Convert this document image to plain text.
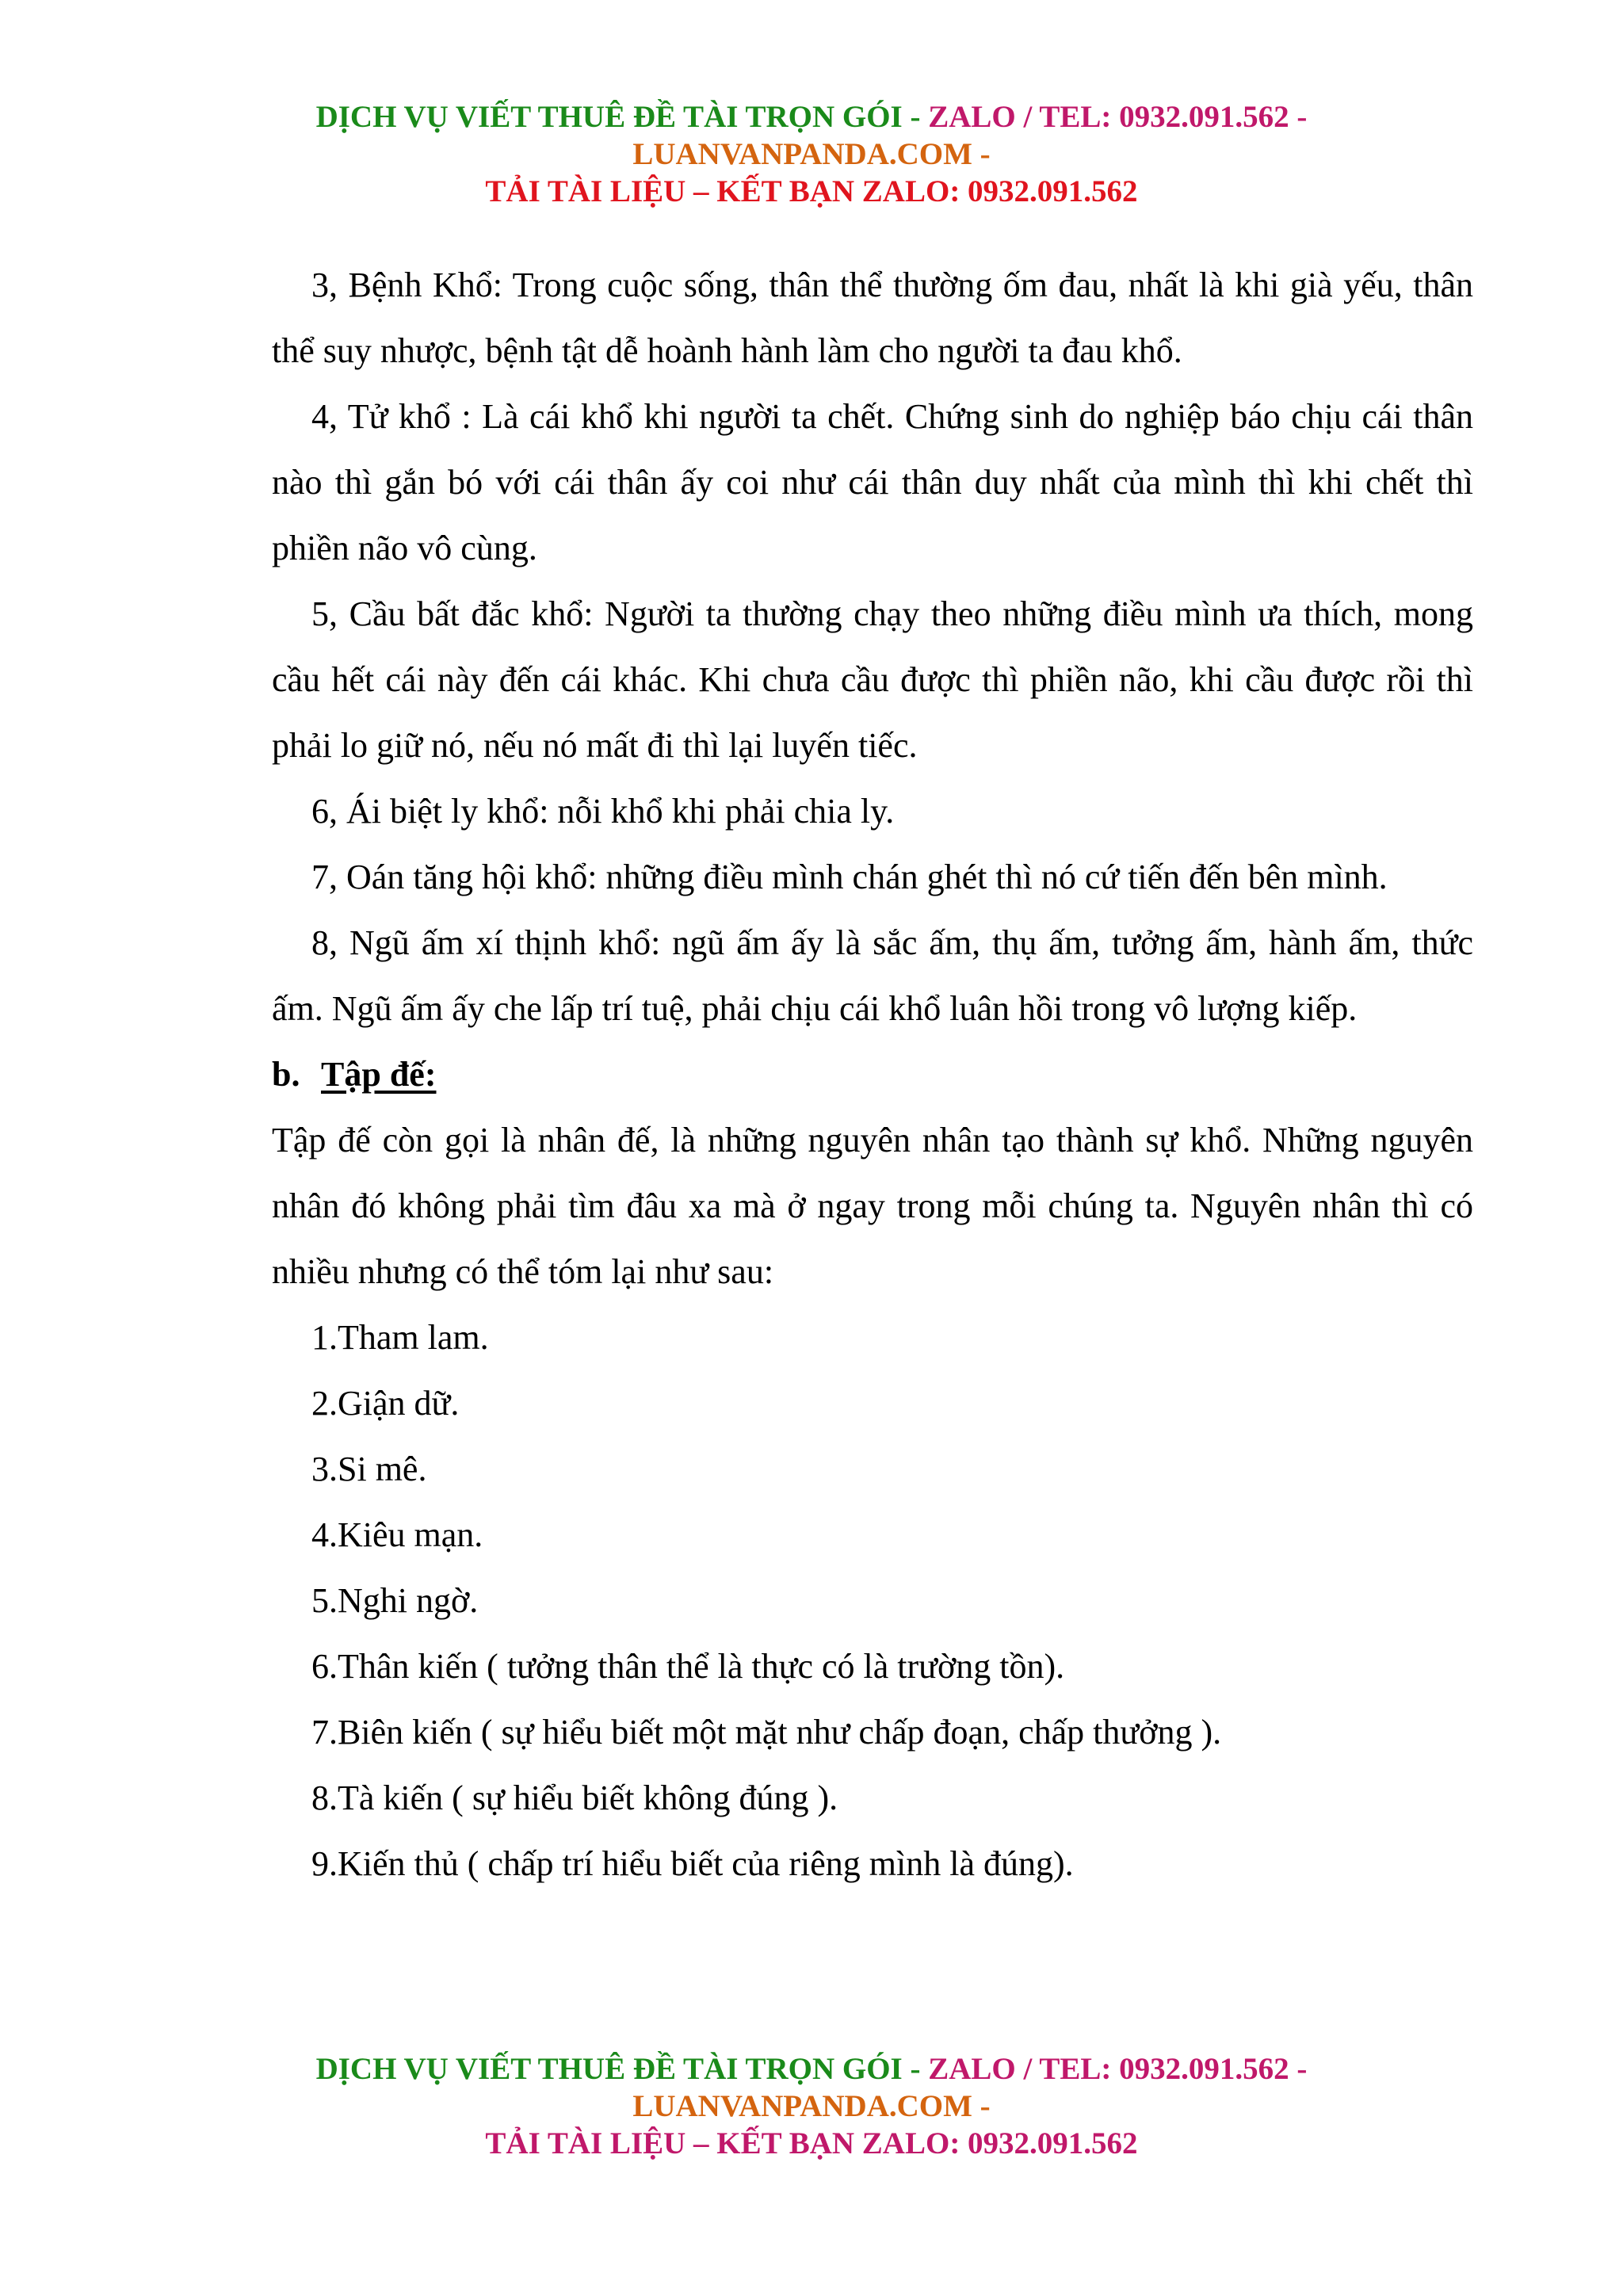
DỊCH VỤ VIẾT THUÊ ĐỀ TÀI TRỌN GÓI - ZALO / TEL: 0932.091.562 -
LUANVANPANDA.COM -
TẢI TÀI LIỆU – KẾT BẠN ZALO: 0932.091.562

3, Bệnh Khổ: Trong cuộc sống, thân thể thường ốm đau, nhất là khi già yếu, thân thể suy nhược, bệnh tật dễ hoành hành làm cho người ta đau khổ.

4, Tử khổ : Là cái khổ khi người ta chết. Chứng sinh do nghiệp báo chịu cái thân nào thì gắn bó với cái thân ấy coi như cái thân duy nhất của mình thì khi chết thì phiền não vô cùng.

5, Cầu bất đắc khổ: Người ta thường chạy theo những điều mình ưa thích, mong cầu hết cái này đến cái khác. Khi chưa cầu được thì phiền não, khi cầu được rồi thì phải lo giữ nó, nếu nó mất đi thì lại luyến tiếc.

6, Ái biệt ly khổ: nỗi khổ khi phải chia ly.

7, Oán tăng hội khổ: những điều mình chán ghét thì nó cứ tiến đến bên mình.

8, Ngũ ấm xí thịnh khổ: ngũ ấm ấy là sắc ấm, thụ ấm, tưởng ấm, hành ấm, thức ấm. Ngũ ấm ấy che lấp trí tuệ, phải chịu cái khổ luân hồi trong vô lượng kiếp.

b. Tập đế:

Tập đế còn gọi là nhân đế, là những nguyên nhân tạo thành sự khổ. Những nguyên nhân đó không phải tìm đâu xa mà ở ngay trong mỗi chúng ta. Nguyên nhân thì có nhiều nhưng có thể tóm lại như sau:

1.Tham lam.

2.Giận dữ.

3.Si mê.

4.Kiêu mạn.

5.Nghi ngờ.

6.Thân kiến ( tưởng thân thể là thực có là trường tồn).

7.Biên kiến ( sự hiểu biết một mặt như chấp đoạn, chấp thưởng ).

8.Tà kiến ( sự hiểu biết không đúng ).

9.Kiến thủ ( chấp trí hiểu biết của riêng mình là đúng).

DỊCH VỤ VIẾT THUÊ ĐỀ TÀI TRỌN GÓI - ZALO / TEL: 0932.091.562 -
LUANVANPANDA.COM -
TẢI TÀI LIỆU – KẾT BẠN ZALO: 0932.091.562
